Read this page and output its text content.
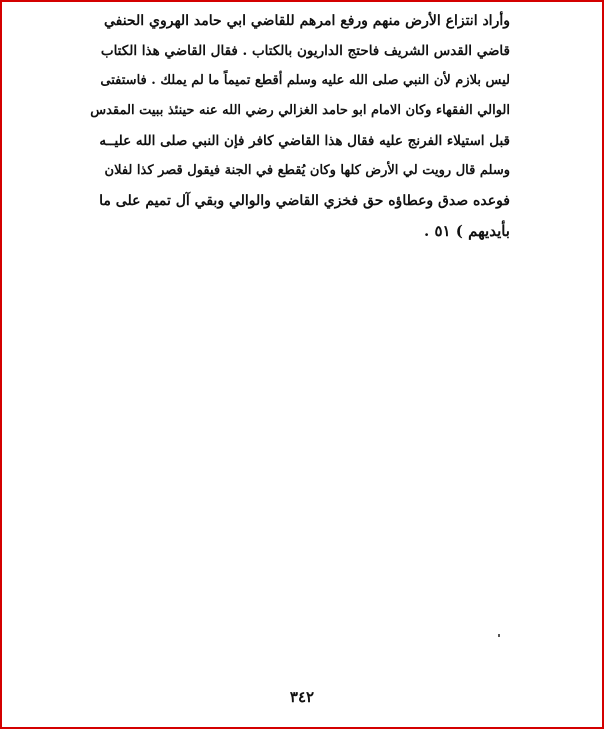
وأراد انتزاع الأرض منهم ورفع امرهم للقاضي ابي حامد الهروي الحنفي
قاضي القدس الشريف فاحتج الداريون بالكتاب . فقال القاضي هذا الكتاب
ليس بلازم لأن النبي صلى الله عليه وسلم أقطع تميماً ما لم يملك . فاستفتى
الوالي الفقهاء وكان الامام ابو حامد الغزالي رضي الله عنه حينئذ ببيت المقدس
قبل استيلاء الفرنج عليه فقال هذا القاضي كافر فإن النبي صلى الله عليــه
وسلم قال رويت لي الأرض كلها وكان يُقطع في الجنة فيقول قصر كذا لفلان
فوعده صدق وعطاؤه حق فخزي القاضي والوالي وبقي آل تميم على ما
بأيديهم ) ٥١ .
٣٤٢
